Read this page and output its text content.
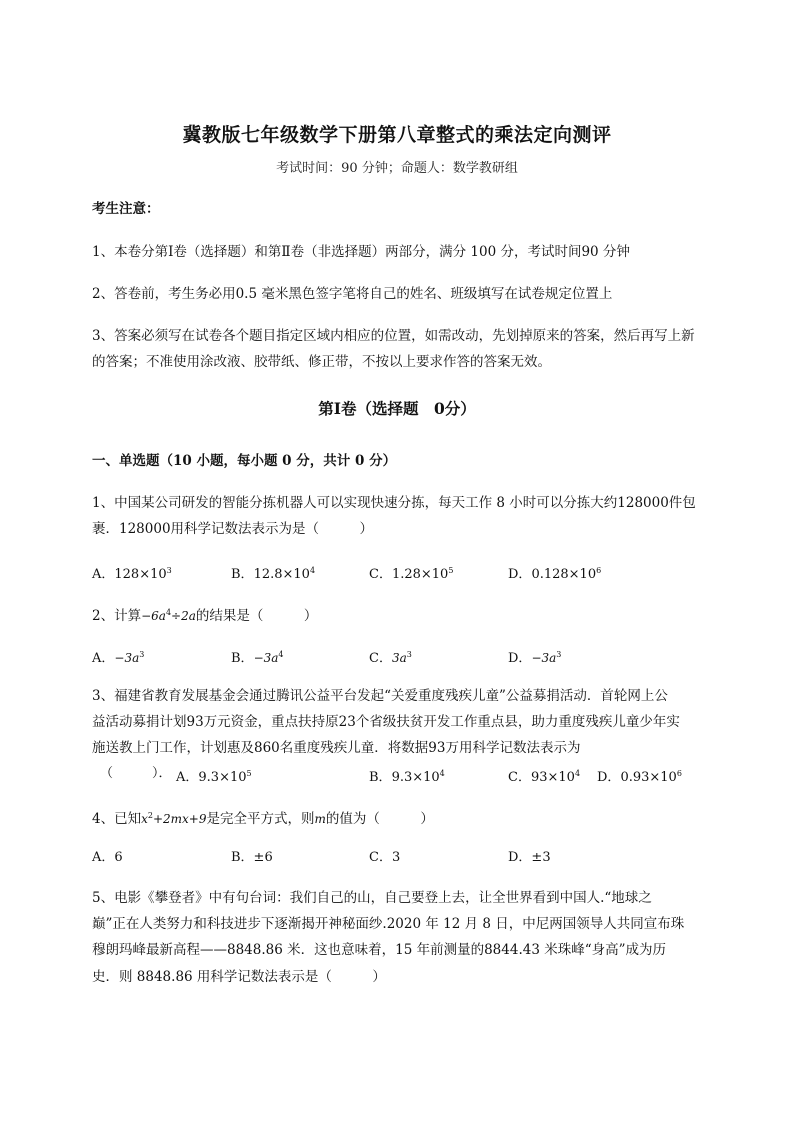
冀教版七年级数学下册第八章整式的乘法定向测评
考试时间：90 分钟；命题人：数学教研组
考生注意：
1、本卷分第Ⅰ卷（选择题）和第Ⅱ卷（非选择题）两部分，满分 100 分，考试时间90 分钟
2、答卷前，考生务必用0.5 毫米黑色签字笔将自己的姓名、班级填写在试卷规定位置上
3、答案必须写在试卷各个题目指定区域内相应的位置，如需改动，先划掉原来的答案，然后再写上新
的答案；不准使用涂改液、胶带纸、修正带，不按以上要求作答的答案无效。
第Ⅰ卷（选择题　0分）
一、单选题（10 小题，每小题 0 分，共计 0 分）
1、中国某公司研发的智能分拣机器人可以实现快速分拣，每天工作 8 小时可以分拣大约128000件包
裹．128000用科学记数法表示为是（　　　）
A．$128\times 10^3$	B．$12.8\times 10^4$	C．$1.28\times 10^5$	D．$0.128\times 10^6$
2、计算$-6a^4\div 2a$的结果是（　　　）
A．$-3a^3$	B．$-3a^4$	C．$3a^3$	D．$-3a^3$
3、福建省教育发展基金会通过腾讯公益平台发起“关爱重度残疾儿童”公益募捐活动．首轮网上公
益活动募捐计划93万元资金，重点扶持原23个省级扶贫开发工作重点县，助力重度残疾儿童少年实
施送教上门工作，计划惠及860名重度残疾儿童．将数据93万用科学记数法表示为
（　　　）． A．$9.3\times 10^5$	B．$9.3\times 10^4$	C．$93\times 10^4$ D．$0.93\times 10^6$
4、已知$x^2+2mx+9$是完全平方式，则m的值为（　　　）
A．6	B．±6	C．3	D．±3
5、电影《攀登者》中有句台词：我们自己的山，自己要登上去，让全世界看到中国人.“地球之
巅”正在人类努力和科技进步下逐渐揭开神秘面纱.2020 年 12 月 8 日，中尼两国领导人共同宣布珠
穆朗玛峰最新高程——8848.86 米．这也意味着，15 年前测量的8844.43 米珠峰“身高”成为历
史．则 8848.86 用科学记数法表示是（　　　）
